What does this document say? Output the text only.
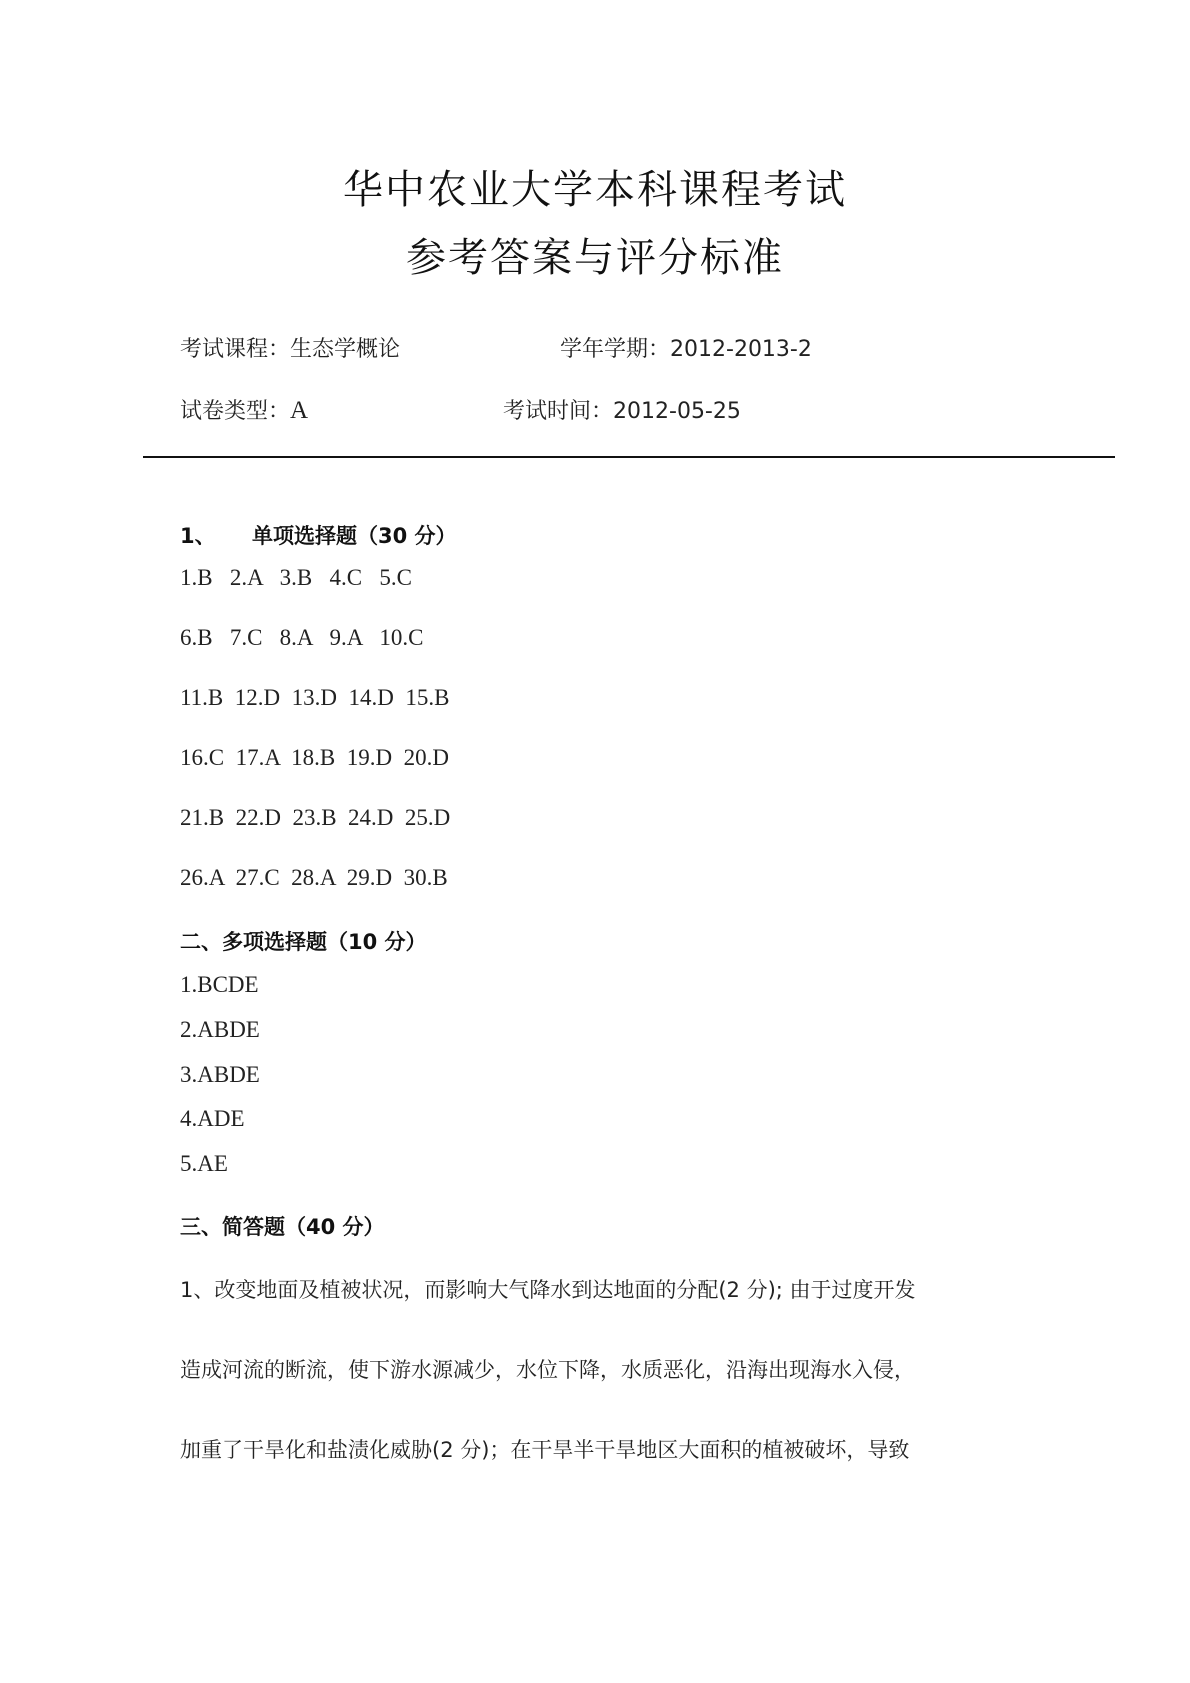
华中农业大学本科课程考试
参考答案与评分标准
考试课程：生态学概论	学年学期：2012-2013-2
试卷类型：A	考试时间：2012-05-25
1、 单项选择题（30 分）
1.B   2.A   3.B   4.C   5.C
6.B   7.C   8.A   9.A   10.C
11.B  12.D  13.D  14.D  15.B
16.C  17.A  18.B  19.D  20.D
21.B  22.D  23.B  24.D  25.D
26.A  27.C  28.A  29.D  30.B
二、多项选择题（10 分）
1.BCDE
2.ABDE
3.ABDE
4.ADE
5.AE
三、简答题（40 分）
1、改变地面及植被状况，而影响大气降水到达地面的分配(2 分); 由于过度开发
造成河流的断流，使下游水源减少，水位下降，水质恶化，沿海出现海水入侵，
加重了干旱化和盐渍化威胁(2 分)；在干旱半干旱地区大面积的植被破坏，导致
